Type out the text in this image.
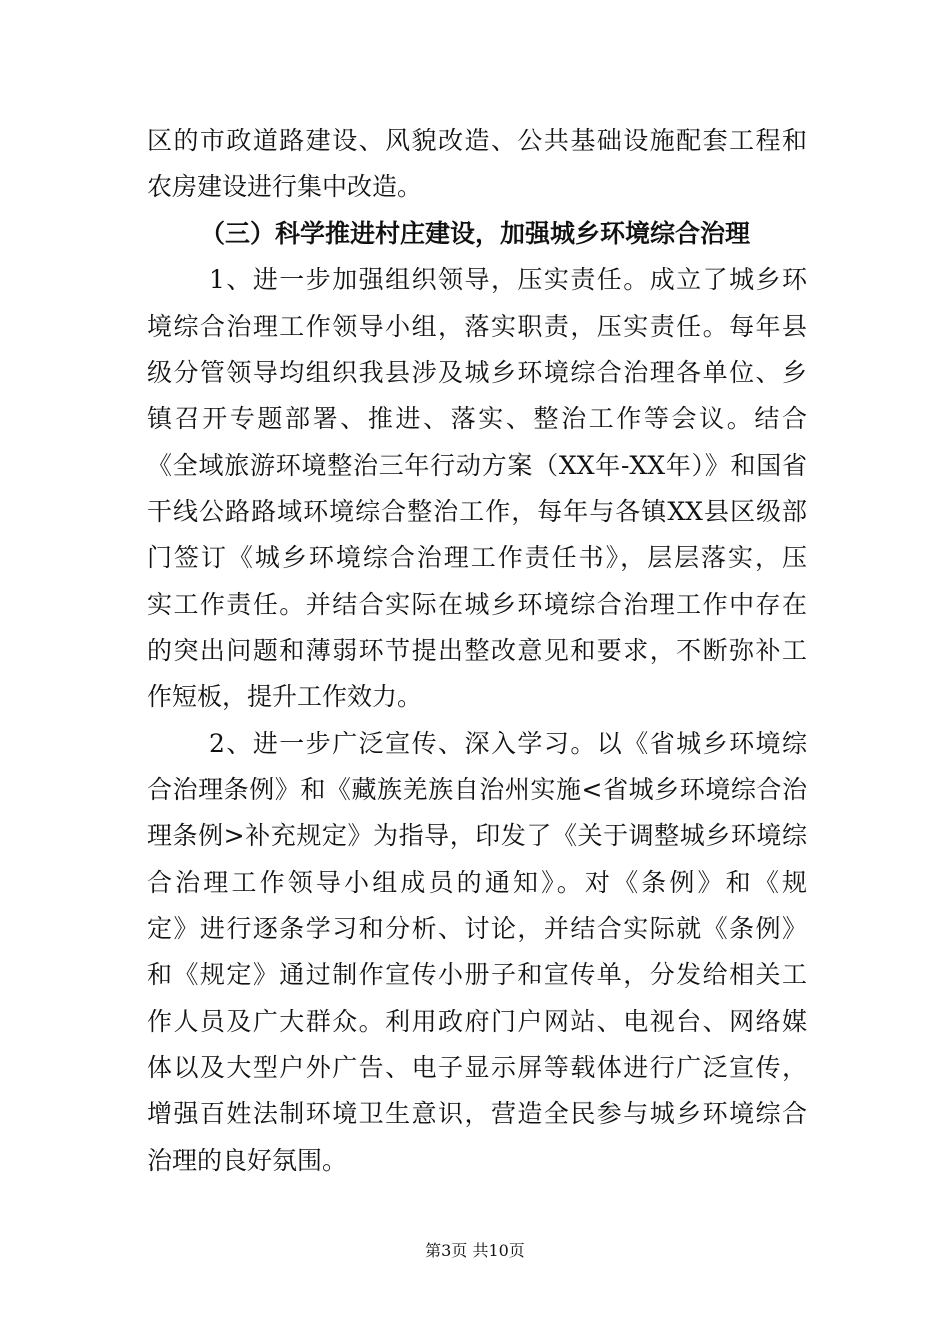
区的市政道路建设、风貌改造、公共基础设施配套工程和
农房建设进行集中改造。
（三）科学推进村庄建设，加强城乡环境综合治理
1、进一步加强组织领导，压实责任。成立了城乡环
境综合治理工作领导小组，落实职责，压实责任。每年县
级分管领导均组织我县涉及城乡环境综合治理各单位、乡
镇召开专题部署、推进、落实、整治工作等会议。结合
《全域旅游环境整治三年行动方案（XX年-XX年）》和国省
干线公路路域环境综合整治工作，每年与各镇XX县区级部
门签订《城乡环境综合治理工作责任书》，层层落实，压
实工作责任。并结合实际在城乡环境综合治理工作中存在
的突出问题和薄弱环节提出整改意见和要求，不断弥补工
作短板，提升工作效力。
2、进一步广泛宣传、深入学习。以《省城乡环境综
合治理条例》和《藏族羌族自治州实施<省城乡环境综合治
理条例>补充规定》为指导，印发了《关于调整城乡环境综
合治理工作领导小组成员的通知》。对《条例》和《规
定》进行逐条学习和分析、讨论，并结合实际就《条例》
和《规定》通过制作宣传小册子和宣传单，分发给相关工
作人员及广大群众。利用政府门户网站、电视台、网络媒
体以及大型户外广告、电子显示屏等载体进行广泛宣传，
增强百姓法制环境卫生意识，营造全民参与城乡环境综合
治理的良好氛围。
第3页 共10页
